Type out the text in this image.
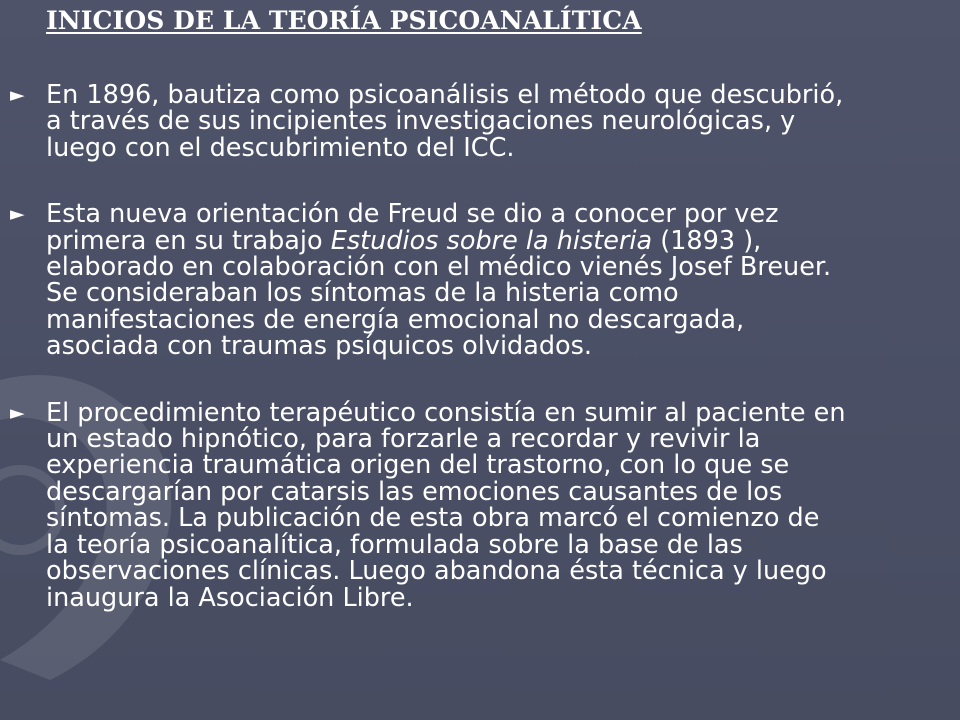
INICIOS DE LA TEORÍA PSICOANALÍTICA
► En 1896, bautiza como psicoanálisis el método que descubrió,
a través de sus incipientes investigaciones neurológicas, y
luego con el descubrimiento del ICC.
► Esta nueva orientación de Freud se dio a conocer por vez
primera en su trabajo Estudios sobre la histeria (1893 ),
elaborado en colaboración con el médico vienés Josef Breuer.
Se consideraban los síntomas de la histeria como
manifestaciones de energía emocional no descargada,
asociada con traumas psíquicos olvidados.
► El procedimiento terapéutico consistía en sumir al paciente en
un estado hipnótico, para forzarle a recordar y revivir la
experiencia traumática origen del trastorno, con lo que se
descargarían por catarsis las emociones causantes de los
síntomas. La publicación de esta obra marcó el comienzo de
la teoría psicoanalítica, formulada sobre la base de las
observaciones clínicas. Luego abandona ésta técnica y luego
inaugura la Asociación Libre.
